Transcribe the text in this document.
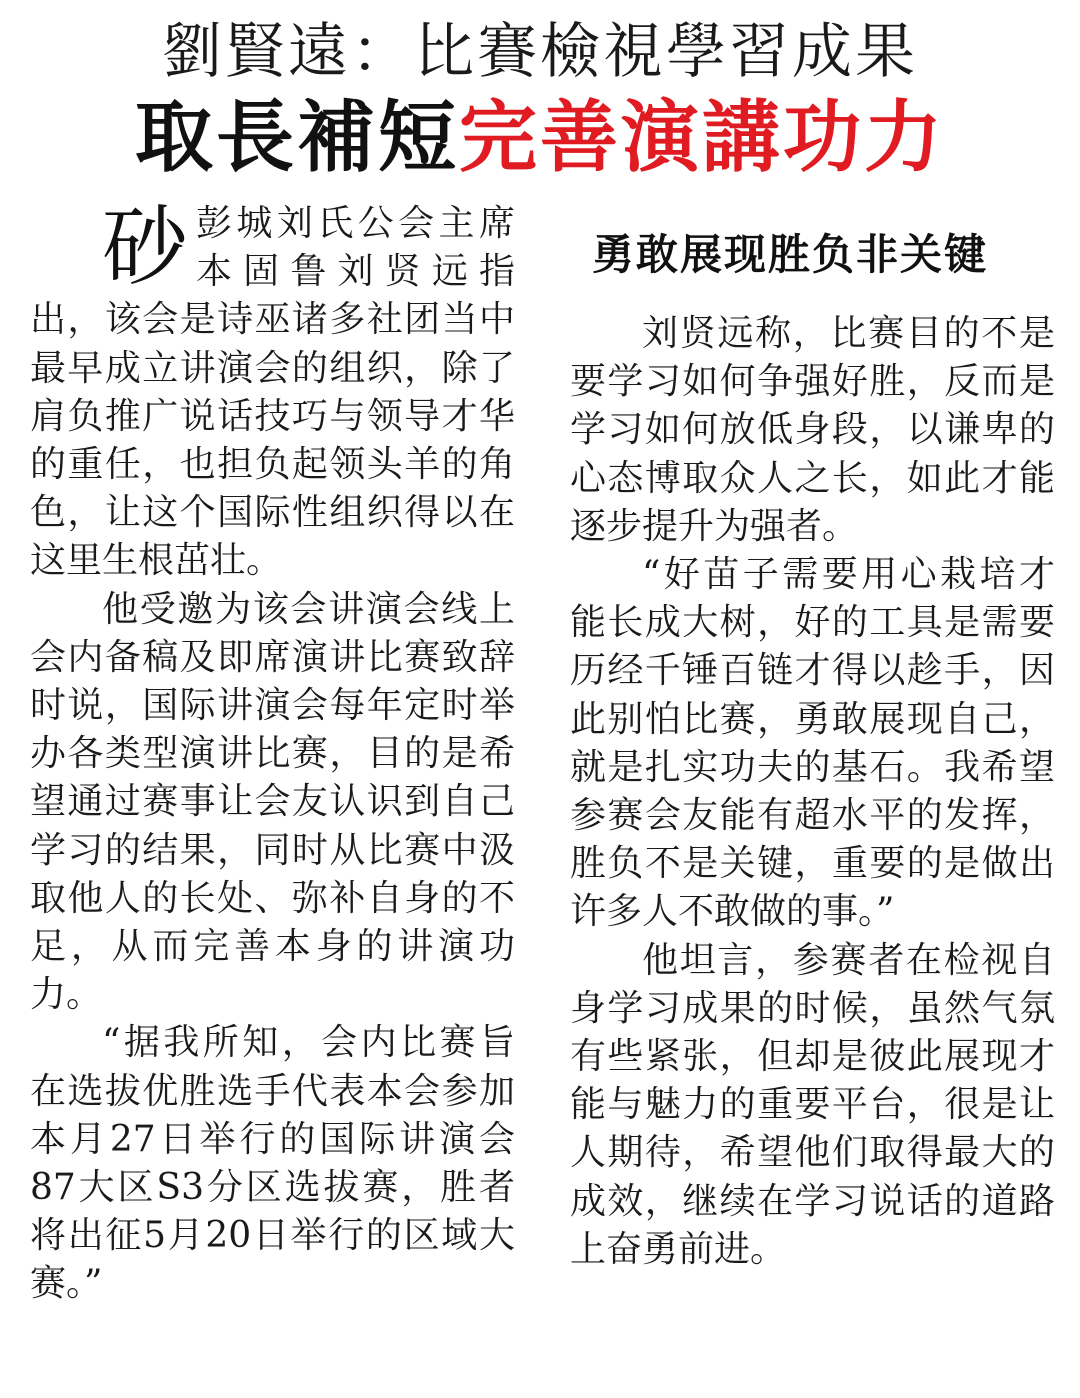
劉賢遠：比賽檢視學習成果
取長補短完善演講功力
砂 彭城刘氏公会主席本固鲁刘贤远指出，该会是诗巫诸多社团当中最早成立讲演会的组织，除了肩负推广说话技巧与领导才华的重任，也担负起领头羊的角色，让这个国际性组织得以在这里生根茁壮。

他受邀为该会讲演会线上会内备稿及即席演讲比赛致辞时说，国际讲演会每年定时举办各类型演讲比赛，目的是希望通过赛事让会友认识到自己学习的结果，同时从比赛中汲取他人的长处、弥补自身的不足，从而完善本身的讲演功力。

“据我所知，会内比赛旨在选拔优胜选手代表本会参加本月27日举行的国际讲演会87大区S3分区选拔赛，胜者将出征5月20日举行的区域大赛。”

勇敢展现胜负非关键

刘贤远称，比赛目的不是要学习如何争强好胜，反而是学习如何放低身段，以谦卑的心态博取众人之长，如此才能逐步提升为强者。

“好苗子需要用心栽培才能长成大树，好的工具是需要历经千锤百链才得以趁手，因此别怕比赛，勇敢展现自己，就是扎实功夫的基石。我希望参赛会友能有超水平的发挥，胜负不是关键，重要的是做出许多人不敢做的事。”

他坦言，参赛者在检视自身学习成果的时候，虽然气氛有些紧张，但却是彼此展现才能与魅力的重要平台，很是让人期待，希望他们取得最大的成效，继续在学习说话的道路上奋勇前进。
